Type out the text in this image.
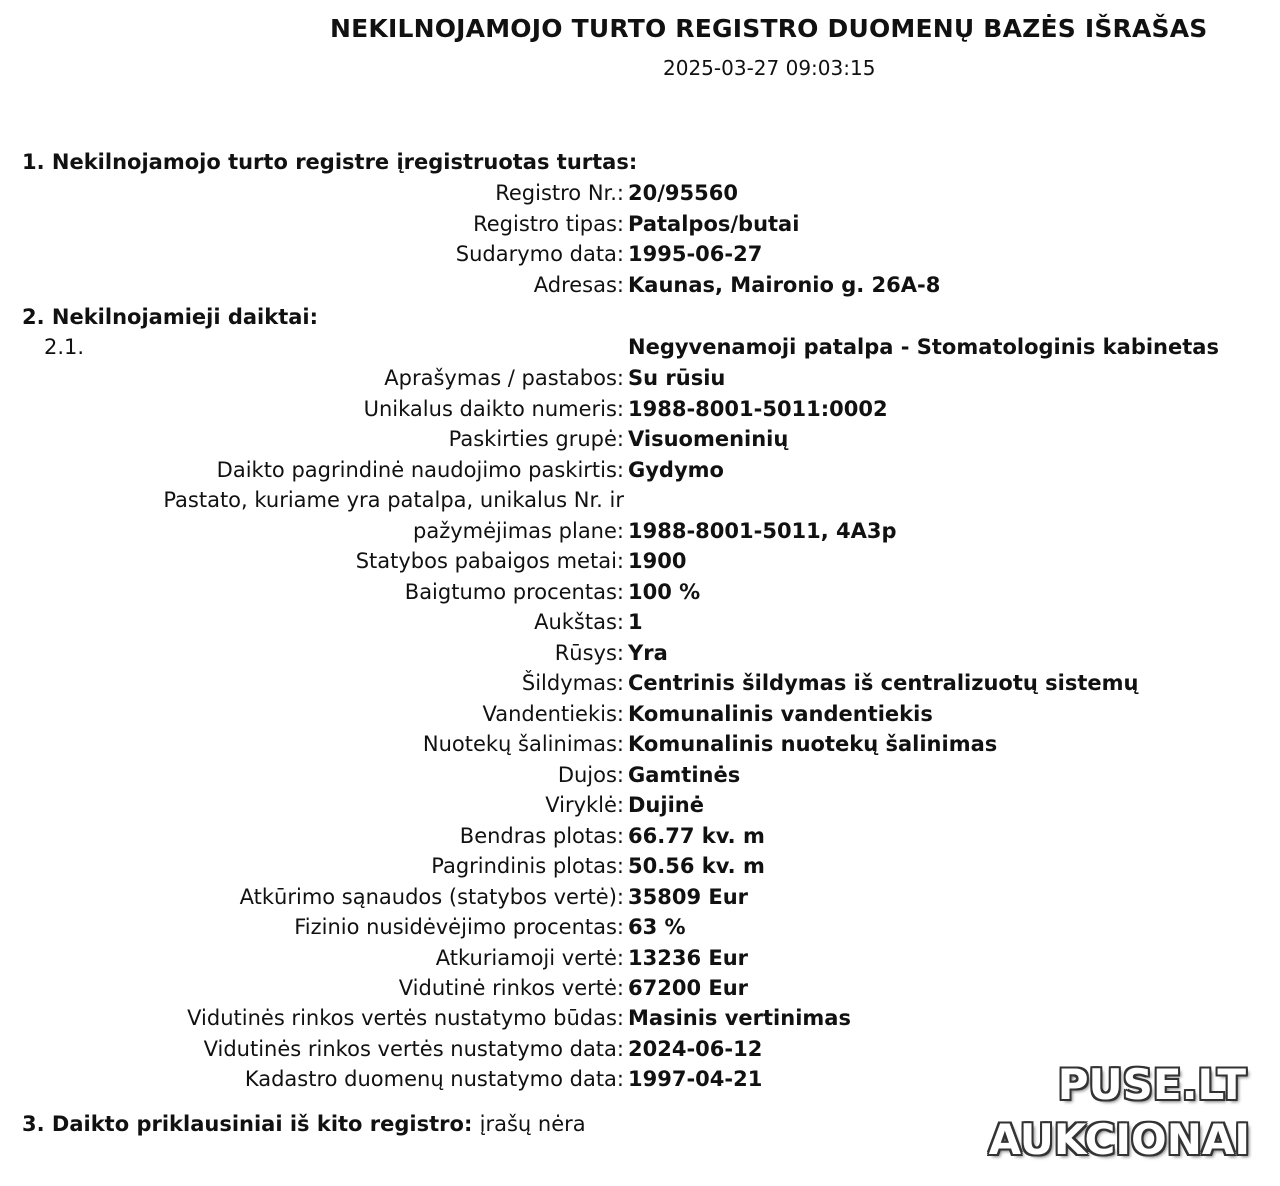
NEKILNOJAMOJO TURTO REGISTRO DUOMENŲ BAZĖS IŠRAŠAS
2025-03-27 09:03:15
1. Nekilnojamojo turto registre įregistruotas turtas:
Registro Nr.: 20/95560
Registro tipas: Patalpos/butai
Sudarymo data: 1995-06-27
Adresas: Kaunas, Maironio g. 26A-8
2. Nekilnojamieji daiktai:
2.1.	Negyvenamoji patalpa - Stomatologinis kabinetas
Aprašymas / pastabos: Su rūsiu
Unikalus daikto numeris: 1988-8001-5011:0002
Paskirties grupė: Visuomeninių
Daikto pagrindinė naudojimo paskirtis: Gydymo
Pastato, kuriame yra patalpa, unikalus Nr. ir
pažymėjimas plane: 1988-8001-5011, 4A3p
Statybos pabaigos metai: 1900
Baigtumo procentas: 100 %
Aukštas: 1
Rūsys: Yra
Šildymas: Centrinis šildymas iš centralizuotų sistemų
Vandentiekis: Komunalinis vandentiekis
Nuotekų šalinimas: Komunalinis nuotekų šalinimas
Dujos: Gamtinės
Viryklė: Dujinė
Bendras plotas: 66.77 kv. m
Pagrindinis plotas: 50.56 kv. m
Atkūrimo sąnaudos (statybos vertė): 35809 Eur
Fizinio nusidėvėjimo procentas: 63 %
Atkuriamoji vertė: 13236 Eur
Vidutinė rinkos vertė: 67200 Eur
Vidutinės rinkos vertės nustatymo būdas: Masinis vertinimas
Vidutinės rinkos vertės nustatymo data: 2024-06-12
Kadastro duomenų nustatymo data: 1997-04-21
3. Daikto priklausiniai iš kito registro: įrašų nėra
PUSE.LT
AUKCIONAI
